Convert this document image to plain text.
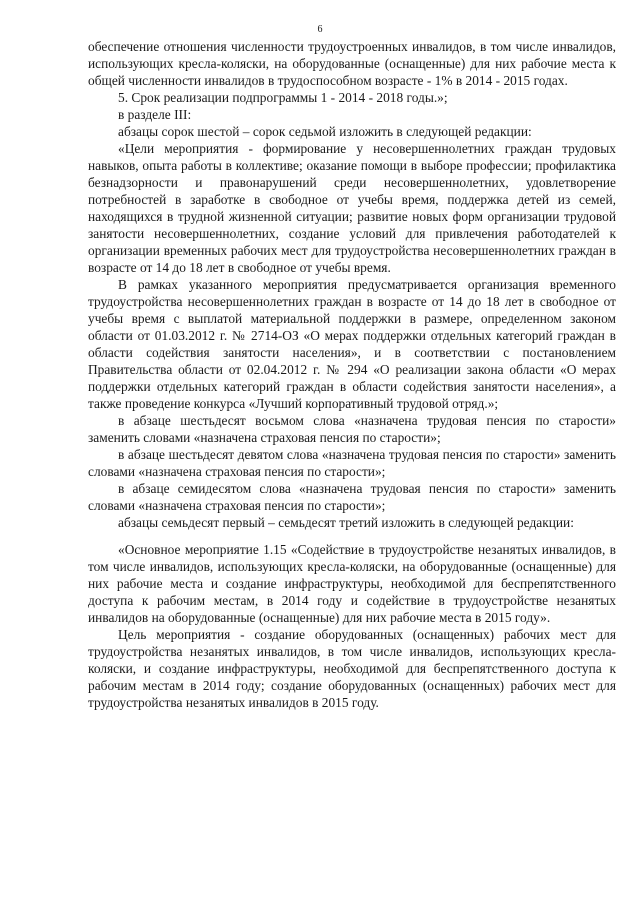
6

обеспечение отношения численности трудоустроенных инвалидов, в том числе инвалидов, использующих кресла-коляски, на оборудованные (оснащенные) для них рабочие места к общей численности инвалидов в трудоспособном возрасте - 1% в 2014 - 2015 годах.

5. Срок реализации подпрограммы 1 - 2014 - 2018 годы.»;

в разделе III:

абзацы сорок шестой – сорок седьмой изложить в следующей редакции:

«Цели мероприятия - формирование у несовершеннолетних граждан трудовых навыков, опыта работы в коллективе; оказание помощи в выборе профессии; профилактика безнадзорности и правонарушений среди несовершеннолетних, удовлетворение потребностей в заработке в свободное от учебы время, поддержка детей из семей, находящихся в трудной жизненной ситуации; развитие новых форм организации трудовой занятости несовершеннолетних, создание условий для привлечения работодателей к организации временных рабочих мест для трудоустройства несовершеннолетних граждан в возрасте от 14 до 18 лет в свободное от учебы время.

В рамках указанного мероприятия предусматривается организация временного трудоустройства несовершеннолетних граждан в возрасте от 14 до 18 лет в свободное от учебы время с выплатой материальной поддержки в размере, определенном законом области от 01.03.2012 г. № 2714-ОЗ «О мерах поддержки отдельных категорий граждан в области содействия занятости населения», и в соответствии с постановлением Правительства области от 02.04.2012 г. № 294 «О реализации закона области «О мерах поддержки отдельных категорий граждан в области содействия занятости населения», а также проведение конкурса «Лучший корпоративный трудовой отряд.»;

в абзаце шестьдесят восьмом слова «назначена трудовая пенсия по старости» заменить словами «назначена страховая пенсия по старости»;

в абзаце шестьдесят девятом слова «назначена трудовая пенсия по старости» заменить словами «назначена страховая пенсия по старости»;

в абзаце семидесятом слова «назначена трудовая пенсия по старости» заменить словами «назначена страховая пенсия по старости»;

абзацы семьдесят первый – семьдесят третий изложить в следующей редакции:

«Основное мероприятие 1.15 «Содействие в трудоустройстве незанятых инвалидов, в том числе инвалидов, использующих кресла-коляски, на оборудованные (оснащенные) для них рабочие места и создание инфраструктуры, необходимой для беспрепятственного доступа к рабочим местам, в 2014 году и содействие в трудоустройстве незанятых инвалидов на оборудованные (оснащенные) для них рабочие места в 2015 году».

Цель мероприятия - создание оборудованных (оснащенных) рабочих мест для трудоустройства незанятых инвалидов, в том числе инвалидов, использующих кресла-коляски, и создание инфраструктуры, необходимой для беспрепятственного доступа к рабочим местам в 2014 году; создание оборудованных (оснащенных) рабочих мест для трудоустройства незанятых инвалидов в 2015 году.
